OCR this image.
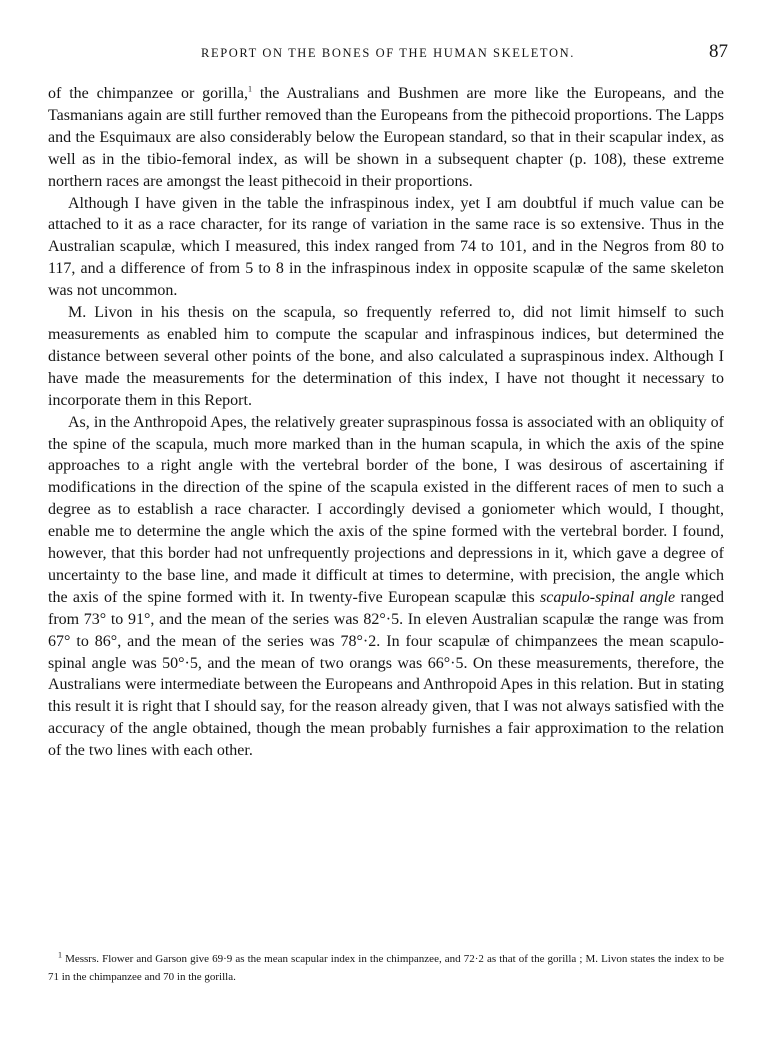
REPORT ON THE BONES OF THE HUMAN SKELETON.	87

of the chimpanzee or gorilla,$^1$ the Australians and Bushmen are more like the Europeans, and the Tasmanians again are still further removed than the Europeans from the pithecoid proportions. The Lapps and the Esquimaux are also considerably below the European standard, so that in their scapular index, as well as in the tibio-femoral index, as will be shown in a subsequent chapter (p. 108), these extreme northern races are amongst the least pithecoid in their proportions.

Although I have given in the table the infraspinous index, yet I am doubtful if much value can be attached to it as a race character, for its range of variation in the same race is so extensive. Thus in the Australian scapulæ, which I measured, this index ranged from 74 to 101, and in the Negros from 80 to 117, and a difference of from 5 to 8 in the infraspinous index in opposite scapulæ of the same skeleton was not uncommon.

M. Livon in his thesis on the scapula, so frequently referred to, did not limit himself to such measurements as enabled him to compute the scapular and infraspinous indices, but determined the distance between several other points of the bone, and also calculated a supraspinous index. Although I have made the measurements for the determination of this index, I have not thought it necessary to incorporate them in this Report.

As, in the Anthropoid Apes, the relatively greater supraspinous fossa is associated with an obliquity of the spine of the scapula, much more marked than in the human scapula, in which the axis of the spine approaches to a right angle with the vertebral border of the bone, I was desirous of ascertaining if modifications in the direction of the spine of the scapula existed in the different races of men to such a degree as to establish a race character. I accordingly devised a goniometer which would, I thought, enable me to determine the angle which the axis of the spine formed with the vertebral border. I found, however, that this border had not unfrequently projections and depressions in it, which gave a degree of uncertainty to the base line, and made it difficult at times to determine, with precision, the angle which the axis of the spine formed with it. In twenty-five European scapulæ this scapulo-spinal angle ranged from 73° to 91°, and the mean of the series was 82°·5. In eleven Australian scapulæ the range was from 67° to 86°, and the mean of the series was 78°·2. In four scapulæ of chimpanzees the mean scapulo-spinal angle was 50°·5, and the mean of two orangs was 66°·5. On these measurements, therefore, the Australians were intermediate between the Europeans and Anthropoid Apes in this relation. But in stating this result it is right that I should say, for the reason already given, that I was not always satisfied with the accuracy of the angle obtained, though the mean probably furnishes a fair approximation to the relation of the two lines with each other.

$^1$ Messrs. Flower and Garson give 69·9 as the mean scapular index in the chimpanzee, and 72·2 as that of the gorilla ; M. Livon states the index to be 71 in the chimpanzee and 70 in the gorilla.
